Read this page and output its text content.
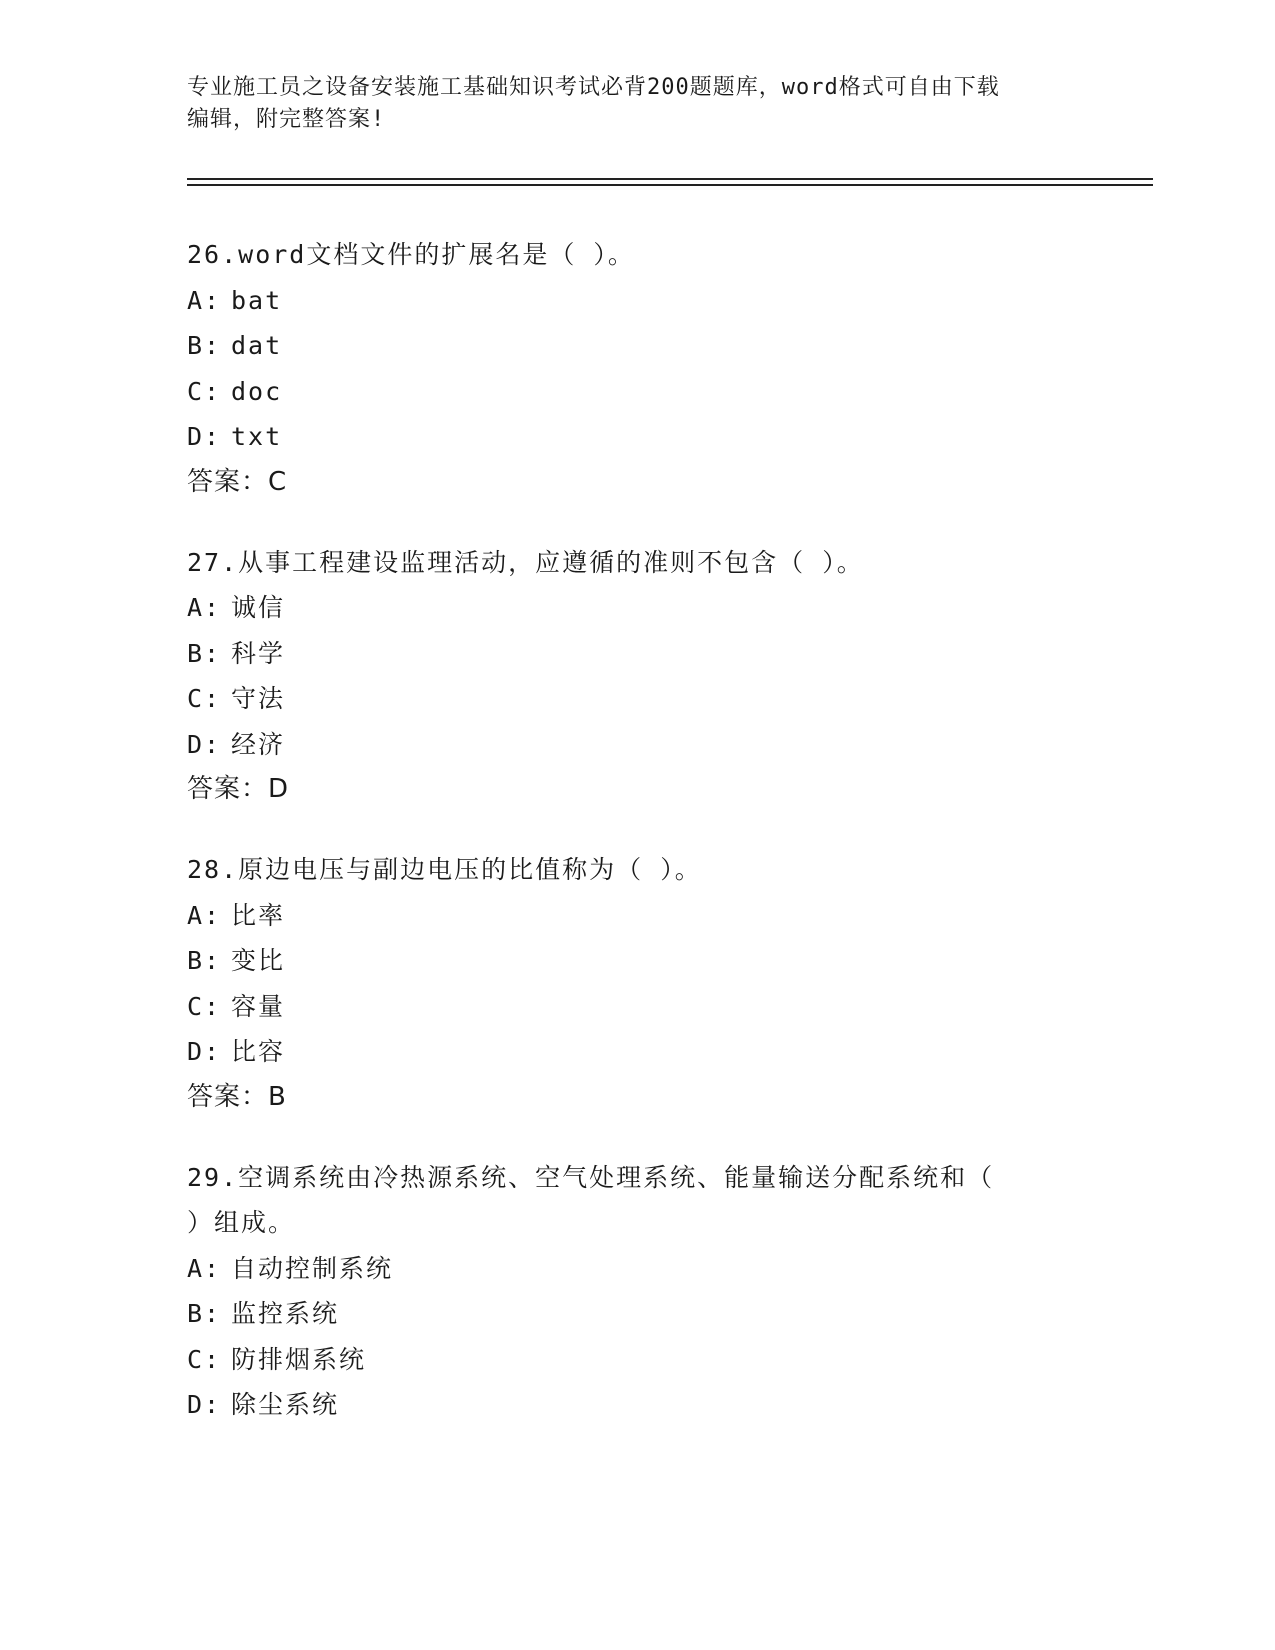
专业施工员之设备安装施工基础知识考试必背200题题库，word格式可自由下载
编辑，附完整答案!
26.word文档文件的扩展名是（ ）。
A: bat
B: dat
C: doc
D: txt
答案：C
27.从事工程建设监理活动，应遵循的准则不包含（ ）。
A: 诚信
B: 科学
C: 守法
D: 经济
答案：D
28.原边电压与副边电压的比值称为（ ）。
A: 比率
B: 变比
C: 容量
D: 比容
答案：B
29.空调系统由冷热源系统、空气处理系统、能量输送分配系统和（
）组成。
A: 自动控制系统
B: 监控系统
C: 防排烟系统
D: 除尘系统
